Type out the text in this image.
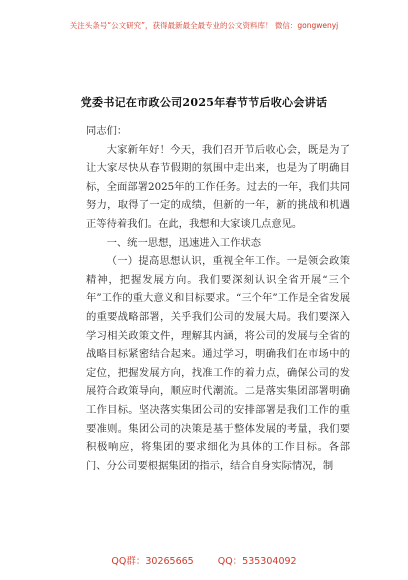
关注头条号“公文研究”，获得最新最全最专业的公文资料库！ 微信：gongwenyj
党委书记在市政公司2025年春节节后收心会讲话

同志们：

大家新年好！今天，我们召开节后收心会，既是为了让大家尽快从春节假期的氛围中走出来，也是为了明确目标，全面部署2025年的工作任务。过去的一年，我们共同努力，取得了一定的成绩，但新的一年，新的挑战和机遇正等待着我们。在此，我想和大家谈几点意见。

一、统一思想，迅速进入工作状态

（一）提高思想认识，重视全年工作。一是领会政策精神，把握发展方向。我们要深刻认识全省开展“三个年”工作的重大意义和目标要求。“三个年”工作是全省发展的重要战略部署，关乎我们公司的发展大局。我们要深入学习相关政策文件，理解其内涵，将公司的发展与全省的战略目标紧密结合起来。通过学习，明确我们在市场中的定位，把握发展方向，找准工作的着力点，确保公司的发展符合政策导向，顺应时代潮流。二是落实集团部署明确工作目标。坚决落实集团公司的安排部署是我们工作的重要准则。集团公司的决策是基于整体发展的考量，我们要积极响应，将集团的要求细化为具体的工作目标。各部门、分公司要根据集团的指示，结合自身实际情况，制

QQ群：30265665	QQ：535304092
